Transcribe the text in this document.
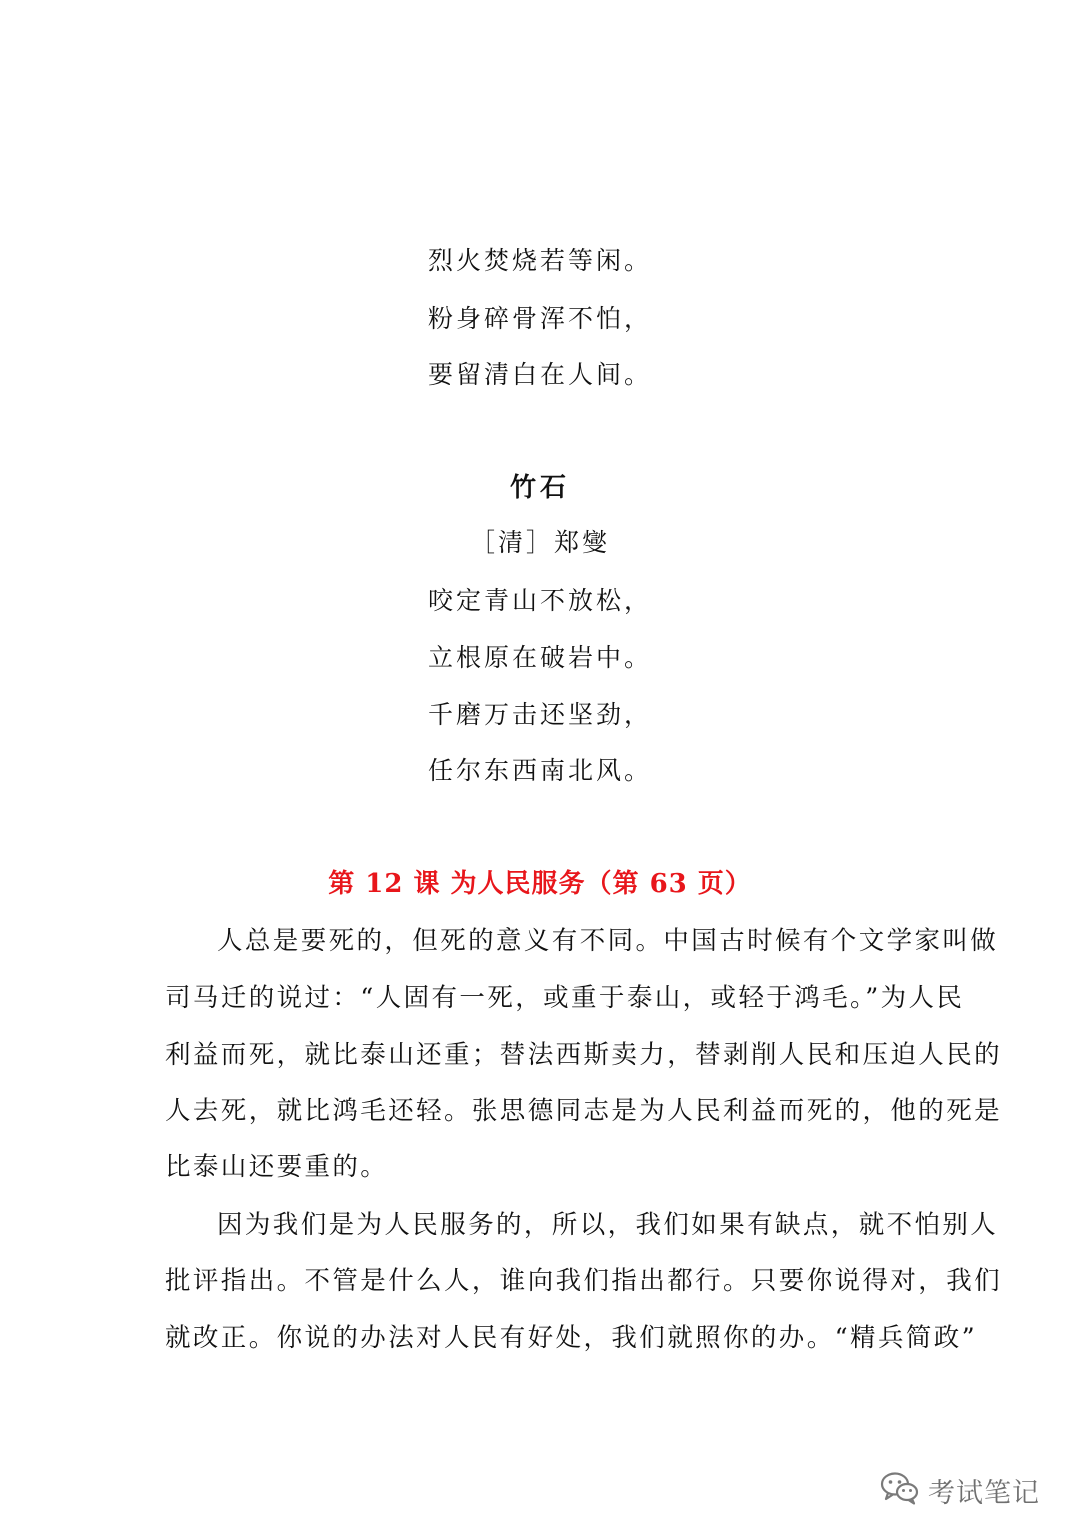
烈火焚烧若等闲。
粉身碎骨浑不怕，
要留清白在人间。
竹石
［清］郑燮
咬定青山不放松，
立根原在破岩中。
千磨万击还坚劲，
任尔东西南北风。
第 12 课 为人民服务（第 63 页）
人总是要死的，但死的意义有不同。中国古时候有个文学家叫做
司马迁的说过：“人固有一死，或重于泰山，或轻于鸿毛。”为人民
利益而死，就比泰山还重；替法西斯卖力，替剥削人民和压迫人民的
人去死，就比鸿毛还轻。张思德同志是为人民利益而死的，他的死是
比泰山还要重的。
因为我们是为人民服务的，所以，我们如果有缺点，就不怕别人
批评指出。不管是什么人，谁向我们指出都行。只要你说得对，我们
就改正。你说的办法对人民有好处，我们就照你的办。“精兵简政”
考试笔记
